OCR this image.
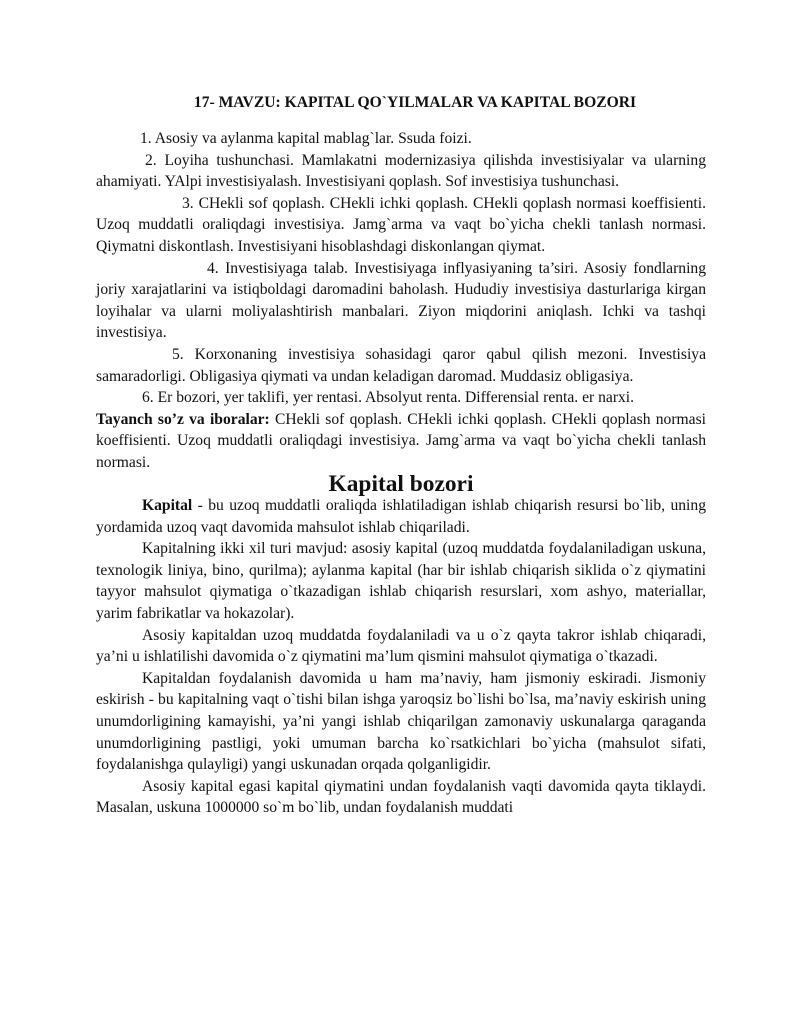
17- MAVZU: KAPITAL QO`YILMALAR VA KAPITAL BOZORI

1. Asosiy va aylanma kapital mablag`lar. Ssuda foizi.

2. Loyiha tushunchasi. Mamlakatni modernizasiya qilishda investisiyalar va ularning ahamiyati. YAlpi investisiyalash. Investisiyani qoplash. Sof investisiya tushunchasi.

3. CHekli sof qoplash. CHekli ichki qoplash. CHekli qoplash normasi koeffisienti. Uzoq muddatli oraliqdagi investisiya. Jamg`arma va vaqt bo`yicha chekli tanlash normasi. Qiymatni diskontlash. Investisiyani hisoblashdagi diskonlangan qiymat.

4. Investisiyaga talab. Investisiyaga inflyasiyaning ta’siri. Asosiy fondlarning joriy xarajatlarini va istiqboldagi daromadini baholash. Hududiy investisiya dasturlariga kirgan loyihalar va ularni moliyalashtirish manbalari. Ziyon miqdorini aniqlash. Ichki va tashqi investisiya.

5. Korxonaning investisiya sohasidagi qaror qabul qilish mezoni. Investisiya samaradorligi. Obligasiya qiymati va undan keladigan daromad. Muddasiz obligasiya.

6. Er bozori, yer taklifi, yer rentasi. Absolyut renta. Differensial renta. er narxi.

Tayanch so’z va iboralar: CHekli sof qoplash. CHekli ichki qoplash. CHekli qoplash normasi koeffisienti. Uzoq muddatli oraliqdagi investisiya. Jamg`arma va vaqt bo`yicha chekli tanlash normasi.

Kapital bozori

Kapital - bu uzoq muddatli oraliqda ishlatiladigan ishlab chiqarish resursi bo`lib, uning yordamida uzoq vaqt davomida mahsulot ishlab chiqariladi.

Kapitalning ikki xil turi mavjud: asosiy kapital (uzoq muddatda foydalaniladigan uskuna, texnologik liniya, bino, qurilma); aylanma kapital (har bir ishlab chiqarish siklida o`z qiymatini tayyor mahsulot qiymatiga o`tkazadigan ishlab chiqarish resurslari, xom ashyo, materiallar, yarim fabrikatlar va hokazolar).

Asosiy kapitaldan uzoq muddatda foydalaniladi va u o`z qayta takror ishlab chiqaradi, ya’ni u ishlatilishi davomida o`z qiymatini ma’lum qismini mahsulot qiymatiga o`tkazadi.

Kapitaldan foydalanish davomida u ham ma’naviy, ham jismoniy eskiradi. Jismoniy eskirish - bu kapitalning vaqt o`tishi bilan ishga yaroqsiz bo`lishi bo`lsa, ma’naviy eskirish uning unumdorligining kamayishi, ya’ni yangi ishlab chiqarilgan zamonaviy uskunalarga qaraganda unumdorligining pastligi, yoki umuman barcha ko`rsatkichlari bo`yicha (mahsulot sifati, foydalanishga qulayligi) yangi uskunadan orqada qolganligidir.

Asosiy kapital egasi kapital qiymatini undan foydalanish vaqti davomida qayta tiklaydi. Masalan, uskuna 1000000 so`m bo`lib, undan foydalanish muddati
